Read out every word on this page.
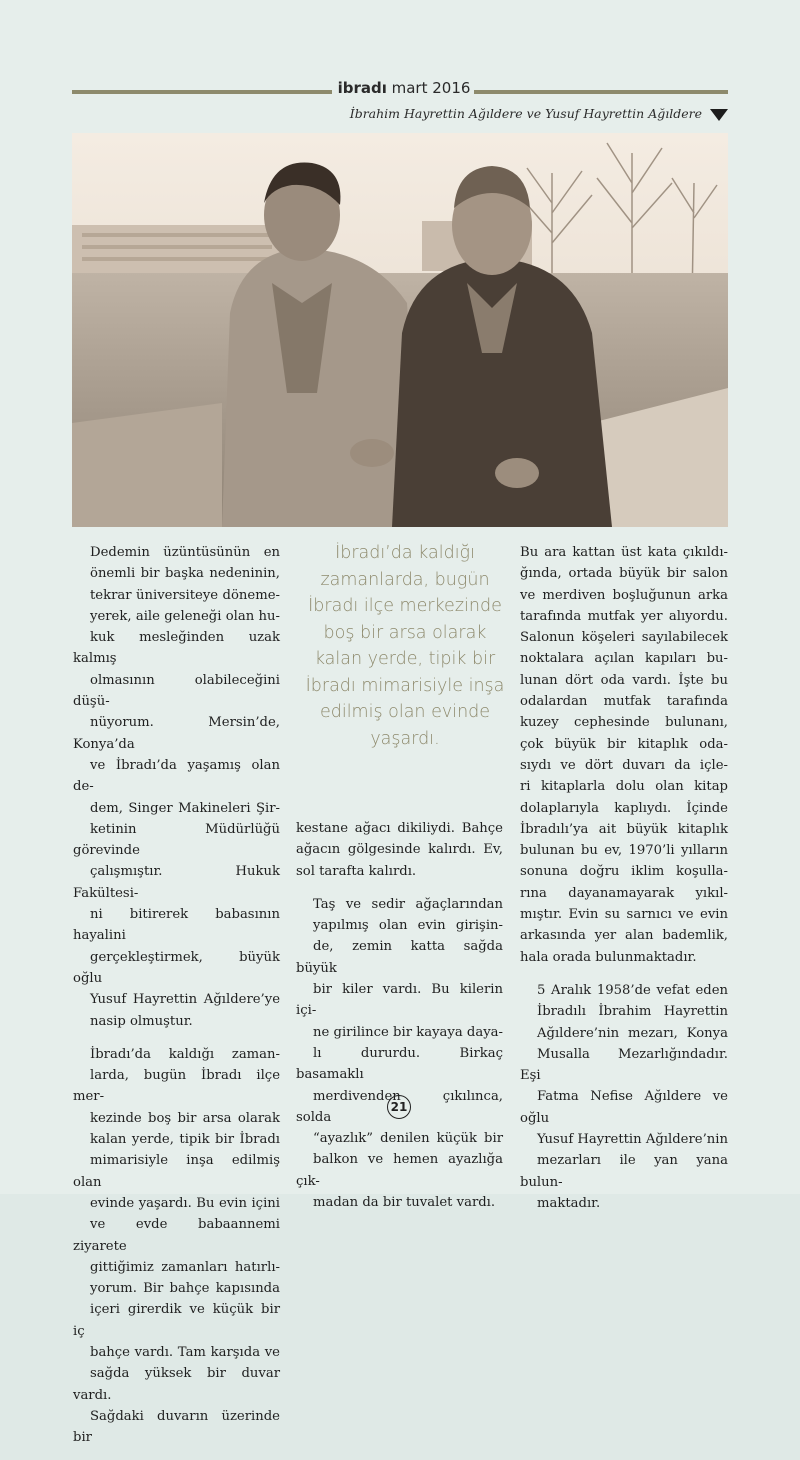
ibradı mart 2016
İbrahim Hayrettin Ağıldere ve Yusuf Hayrettin Ağıldere

Dedemin üzüntüsünün en
önemli bir başka nedeninin,
tekrar üniversiteye döneme-
yerek, aile geleneği olan hu-
kuk mesleğinden uzak kalmış
olmasının olabileceğini düşü-
nüyorum. Mersin’de, Konya’da
ve İbradı’da yaşamış olan de-
dem, Singer Makineleri Şir-
ketinin Müdürlüğü görevinde
çalışmıştır. Hukuk Fakültesi-
ni bitirerek babasının hayalini
gerçekleştirmek, büyük oğlu
Yusuf Hayrettin Ağıldere’ye
nasip olmuştur.

İbradı’da kaldığı zaman-
larda, bugün İbradı ilçe mer-
kezinde boş bir arsa olarak
kalan yerde, tipik bir İbradı
mimarisiyle inşa edilmiş olan
evinde yaşardı. Bu evin içini
ve evde babaannemi ziyarete
gittiğimiz zamanları hatırlı-
yorum. Bir bahçe kapısında
içeri girerdik ve küçük bir iç
bahçe vardı. Tam karşıda ve
sağda yüksek bir duvar vardı.
Sağdaki duvarın üzerinde bir

İbradı’da kaldığı zamanlarda, bugün İbradı ilçe merkezinde boş bir arsa olarak kalan yerde, tipik bir İbradı mimarisiyle inşa edilmiş olan evinde yaşardı.

kestane ağacı dikiliydi. Bahçe
ağacın gölgesinde kalırdı. Ev,
sol tarafta kalırdı.

Taş ve sedir ağaçlarından
yapılmış olan evin girişin-
de, zemin katta sağda büyük
bir kiler vardı. Bu kilerin içi-
ne girilince bir kayaya daya-
lı dururdu. Birkaç basamaklı
merdivenden çıkılınca, solda
“ayazlık” denilen küçük bir
balkon ve hemen ayazlığa çık-
madan da bir tuvalet vardı.

Bu ara kattan üst kata çıkıldı-
ğında, ortada büyük bir salon
ve merdiven boşluğunun arka
tarafında mutfak yer alıyordu.
Salonun köşeleri sayılabilecek
noktalara açılan kapıları bu-
lunan dört oda vardı. İşte bu
odalardan mutfak tarafında
kuzey cephesinde bulunanı,
çok büyük bir kitaplık oda-
sıydı ve dört duvarı da içle-
ri kitaplarla dolu olan kitap
dolaplarıyla kaplıydı. İçinde
İbradılı’ya ait büyük kitaplık
bulunan bu ev, 1970’li yılların
sonuna doğru iklim koşulla-
rına dayanamayarak yıkıl-
mıştır. Evin su sarnıcı ve evin
arkasında yer alan bademlik,
hala orada bulunmaktadır.

5 Aralık 1958’de vefat eden
İbradılı İbrahim Hayrettin
Ağıldere’nin mezarı, Konya
Musalla Mezarlığındadır. Eşi
Fatma Nefise Ağıldere ve oğlu
Yusuf Hayrettin Ağıldere’nin
mezarları ile yan yana bulun-
maktadır.

21
